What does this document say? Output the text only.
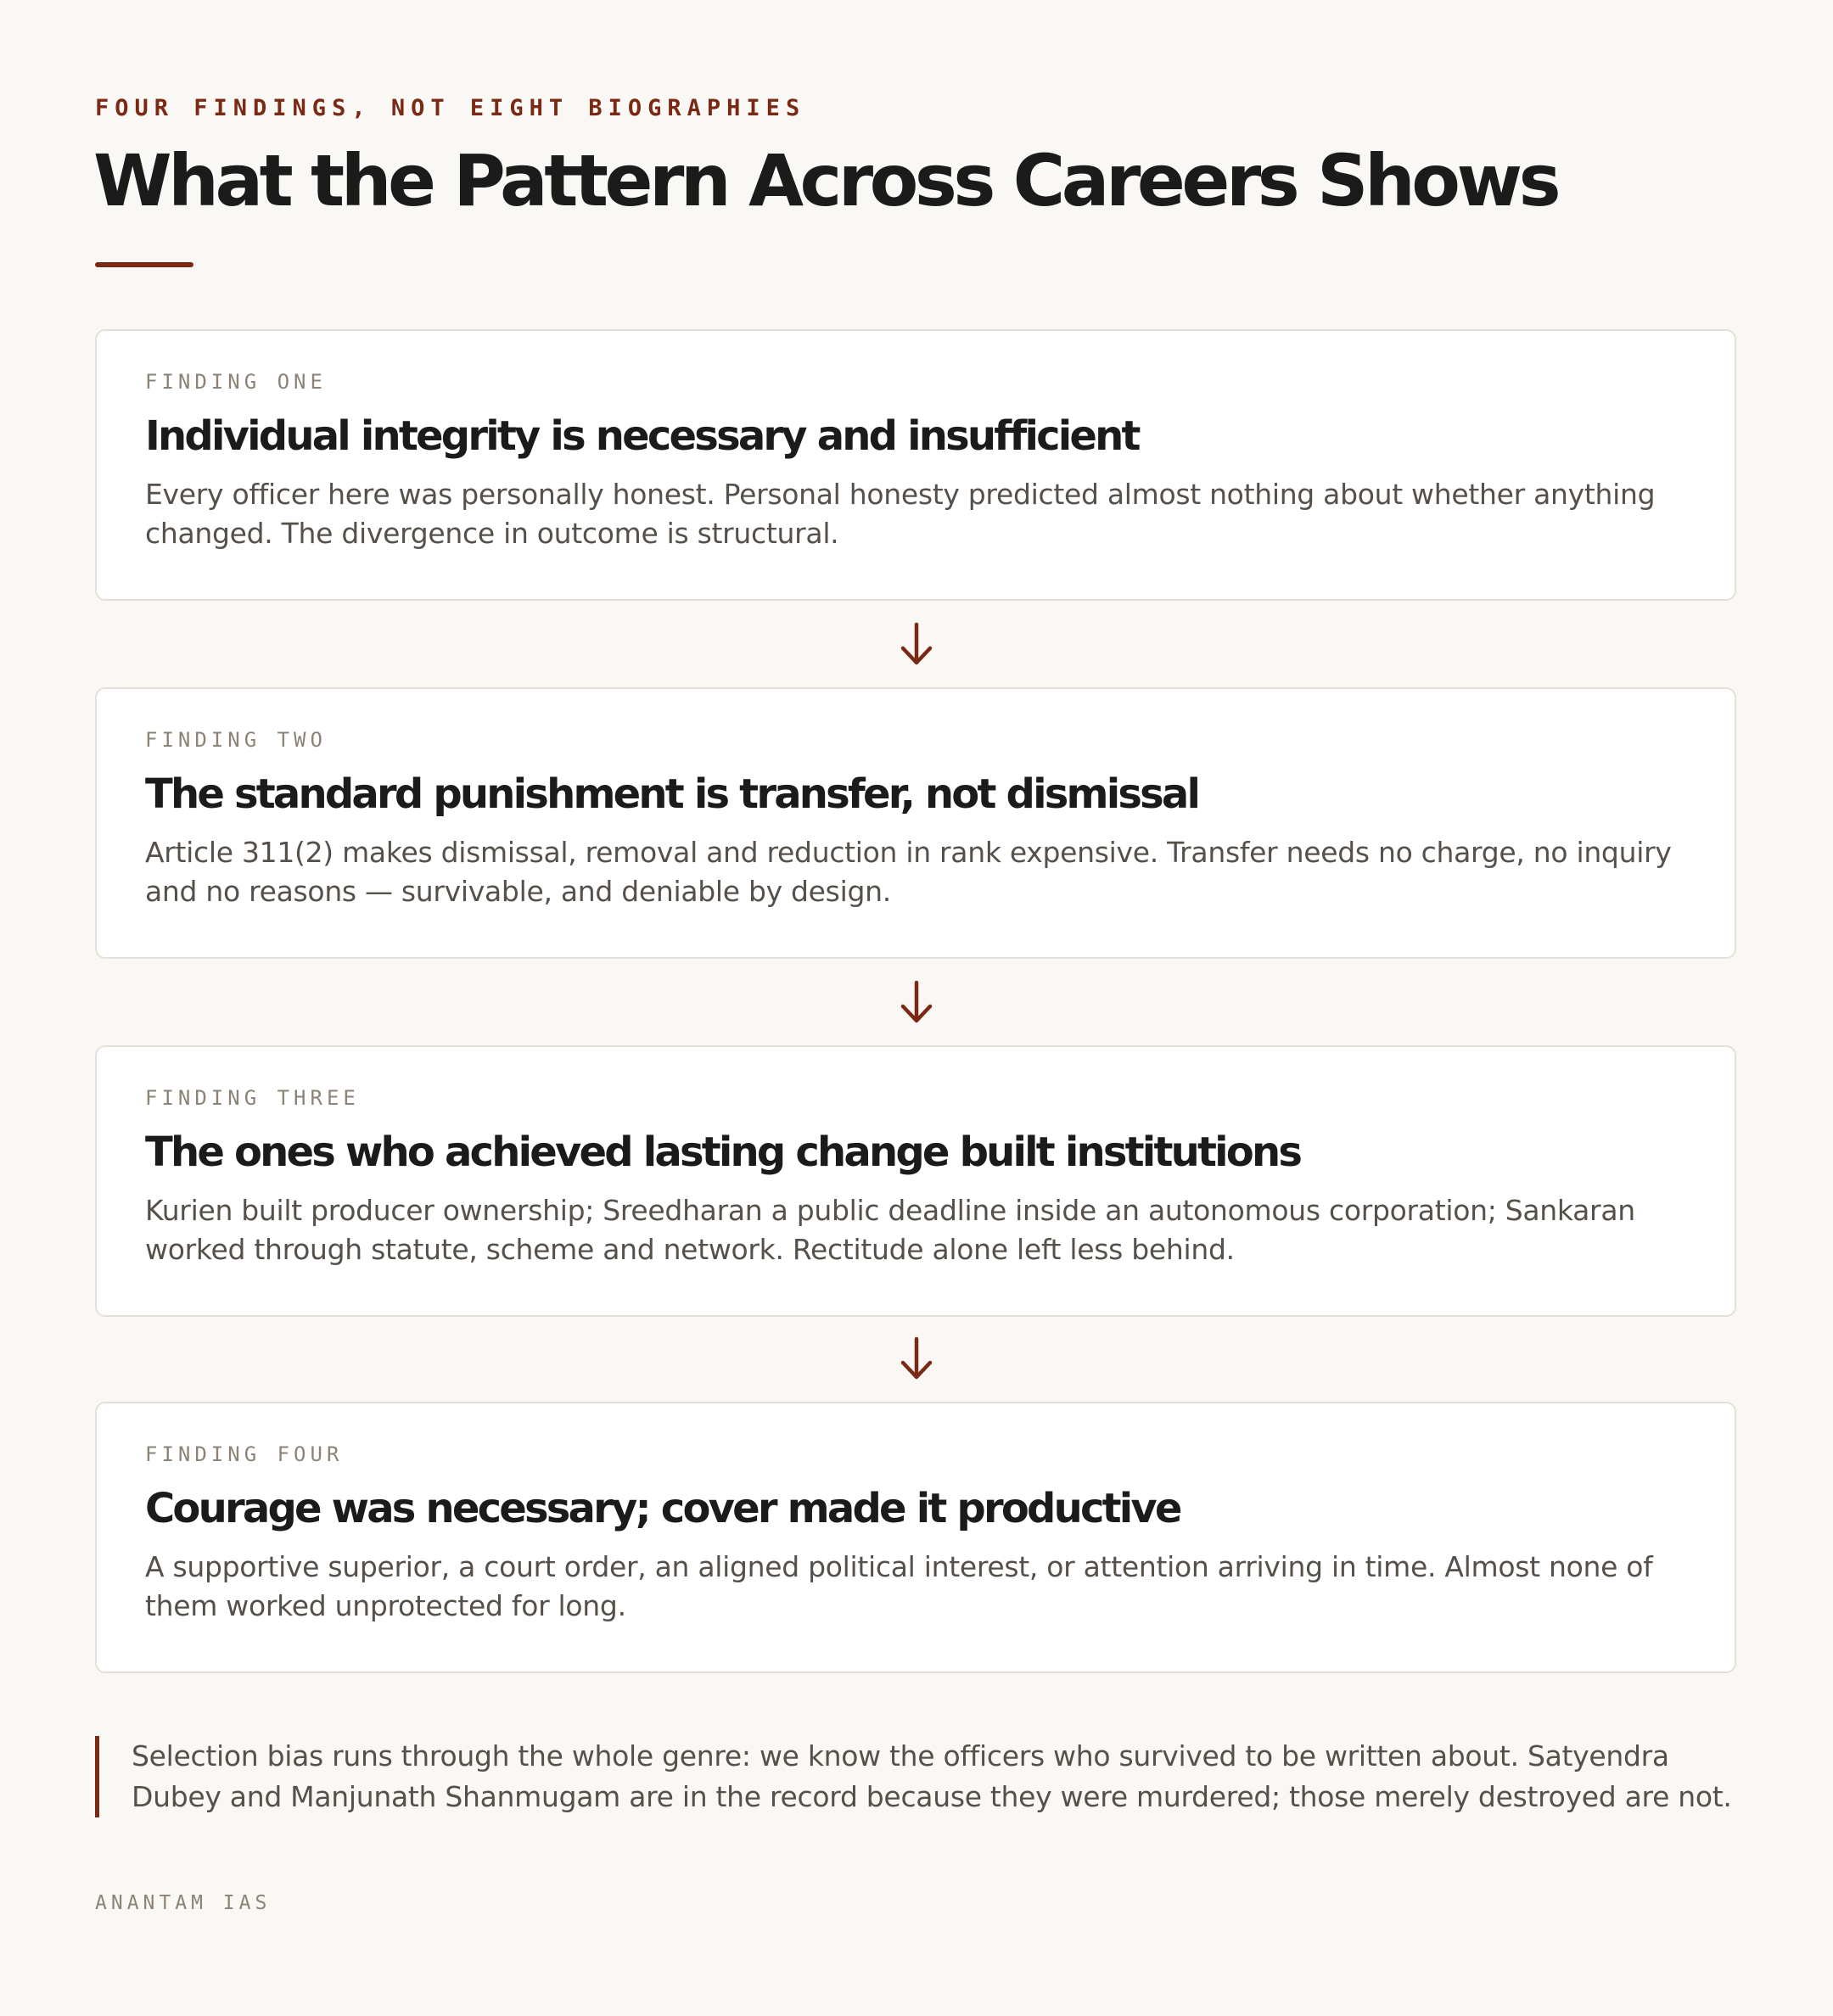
FOUR FINDINGS, NOT EIGHT BIOGRAPHIES
What the Pattern Across Careers Shows
FINDING ONE
Individual integrity is necessary and insufficient

Every officer here was personally honest. Personal honesty predicted almost nothing about whether anything changed. The divergence in outcome is structural.

FINDING TWO
The standard punishment is transfer, not dismissal

Article 311(2) makes dismissal, removal and reduction in rank expensive. Transfer needs no charge, no inquiry and no reasons — survivable, and deniable by design.

FINDING THREE
The ones who achieved lasting change built institutions

Kurien built producer ownership; Sreedharan a public deadline inside an autonomous corporation; Sankaran worked through statute, scheme and network. Rectitude alone left less behind.

FINDING FOUR
Courage was necessary; cover made it productive

A supportive superior, a court order, an aligned political interest, or attention arriving in time. Almost none of them worked unprotected for long.

Selection bias runs through the whole genre: we know the officers who survived to be written about. Satyendra Dubey and Manjunath Shanmugam are in the record because they were murdered; those merely destroyed are not.
ANANTAM IAS
